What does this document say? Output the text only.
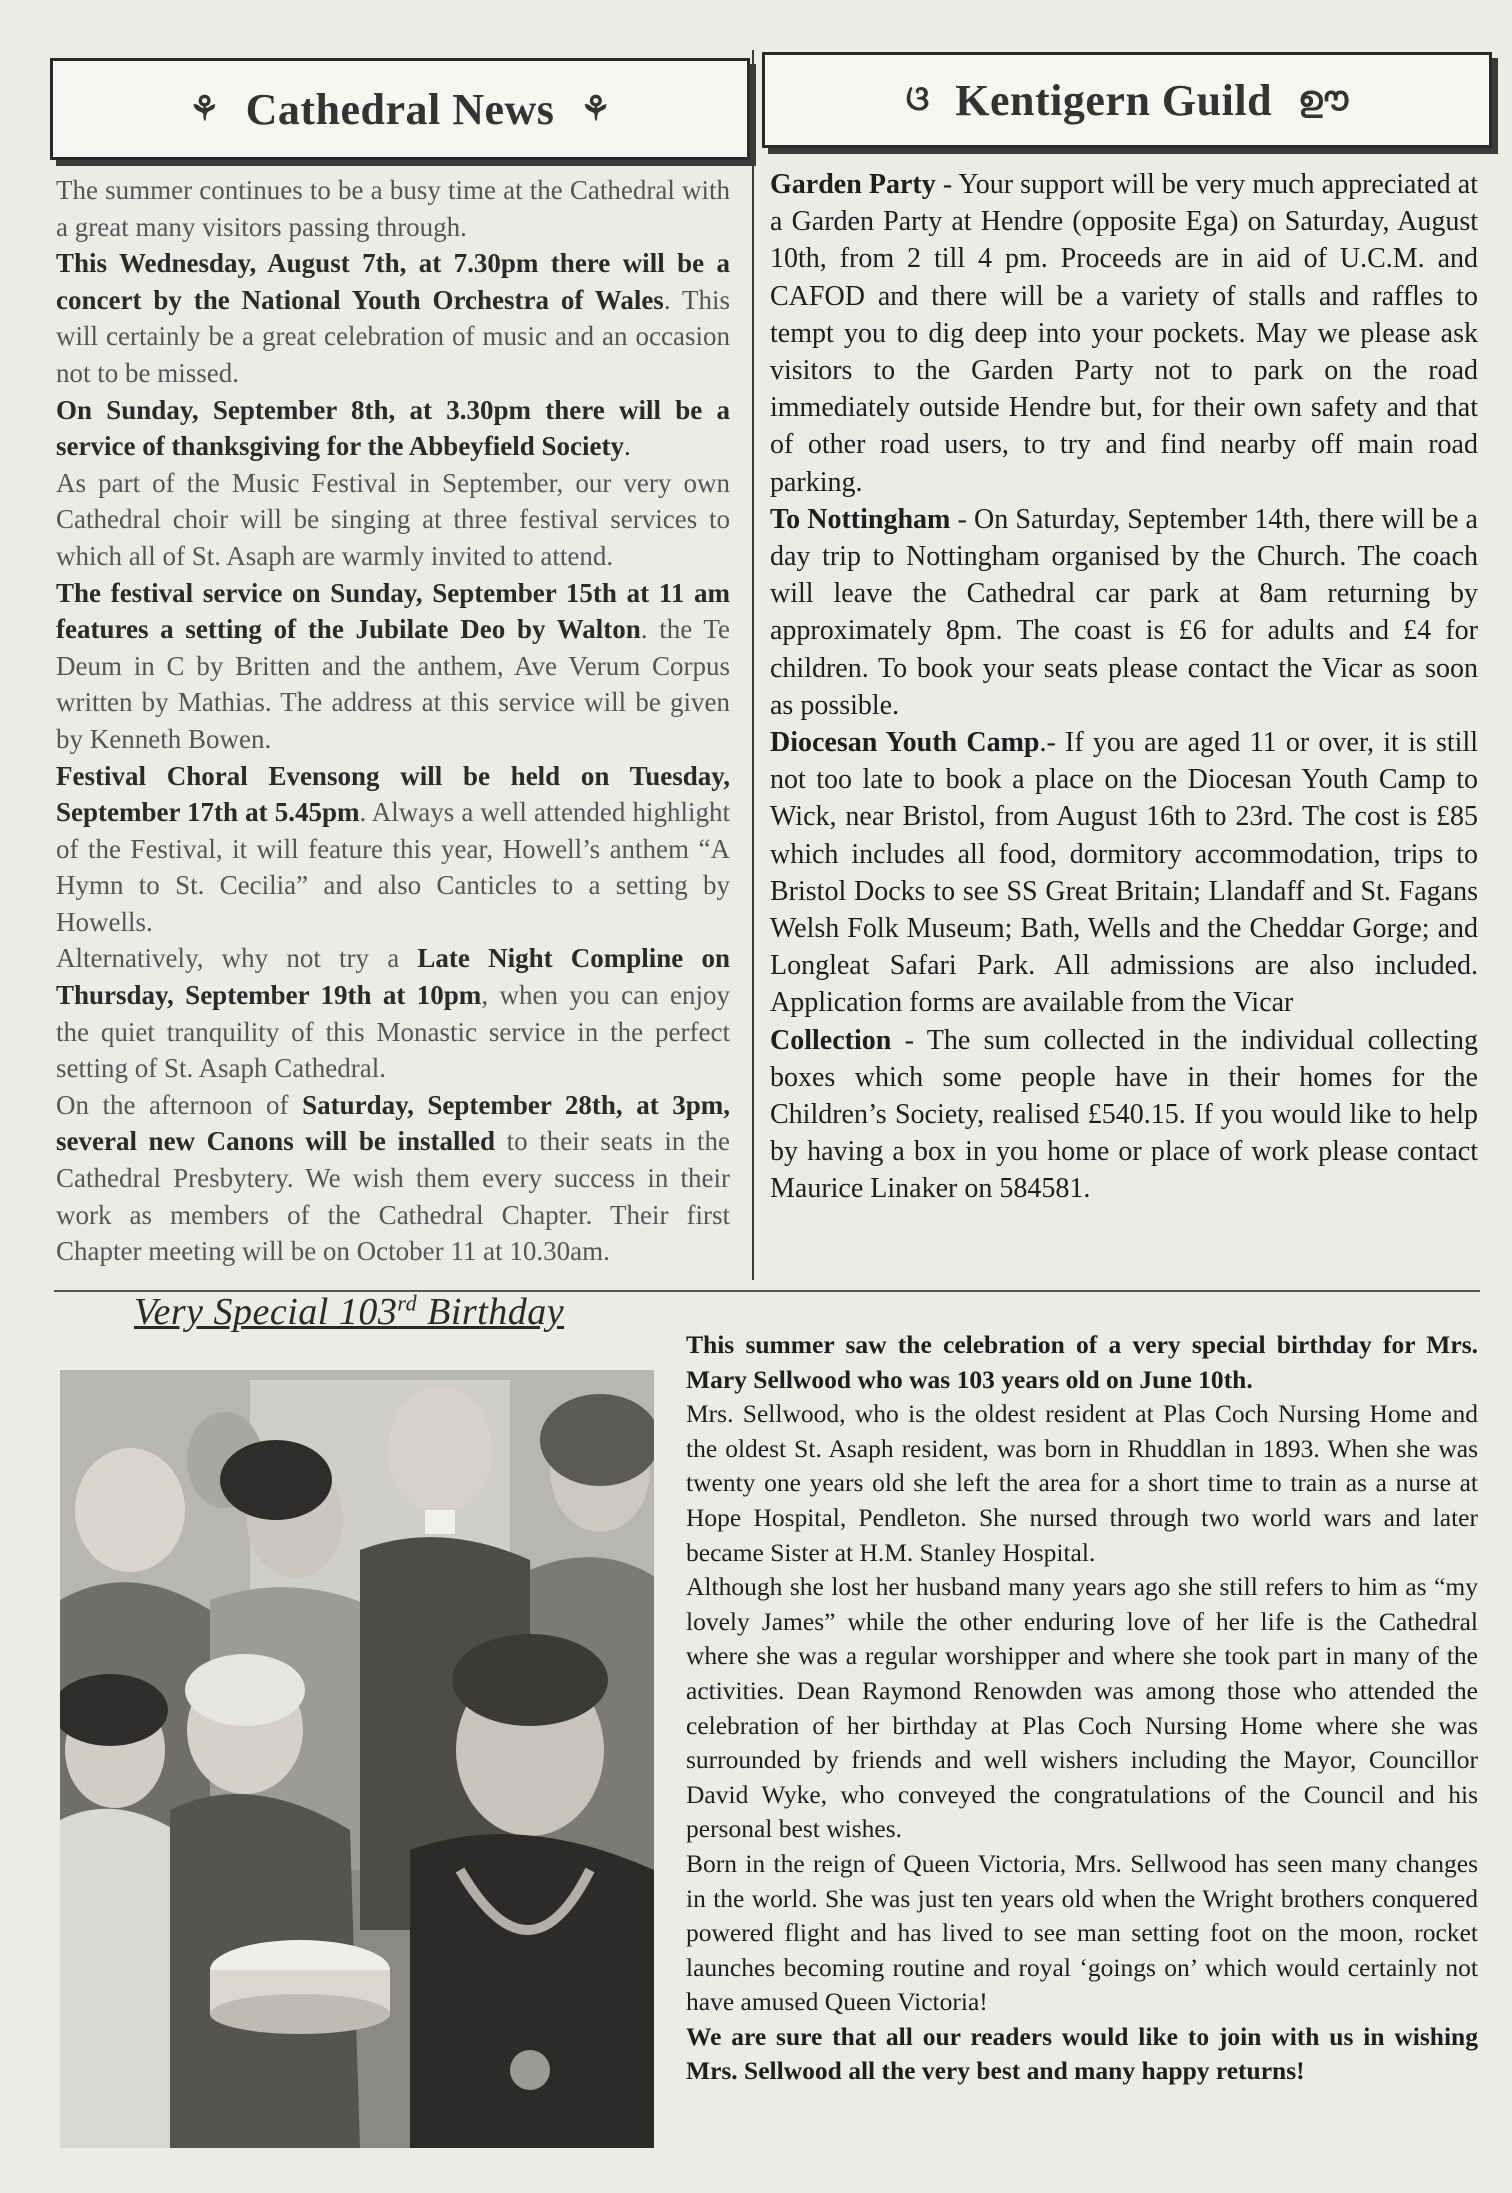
⚘ Cathedral News ⚘	ଓ Kentigern Guild ഊ

The summer continues to be a busy time at the Cathedral with a great many visitors passing through.

This Wednesday, August 7th, at 7.30pm there will be a concert by the National Youth Orchestra of Wales. This will certainly be a great celebration of music and an occasion not to be missed.

On Sunday, September 8th, at 3.30pm there will be a service of thanksgiving for the Abbeyfield Society.

As part of the Music Festival in September, our very own Cathedral choir will be singing at three festival services to which all of St. Asaph are warmly invited to attend.

The festival service on Sunday, September 15th at 11 am features a setting of the Jubilate Deo by Walton. the Te Deum in C by Britten and the anthem, Ave Verum Corpus written by Mathias. The address at this service will be given by Kenneth Bowen.

Festival Choral Evensong will be held on Tuesday, September 17th at 5.45pm. Always a well attended highlight of the Festival, it will feature this year, Howell’s anthem “A Hymn to St. Cecilia” and also Canticles to a setting by Howells.

Alternatively, why not try a Late Night Compline on Thursday, September 19th at 10pm, when you can enjoy the quiet tranquility of this Monastic service in the perfect setting of St. Asaph Cathedral.

On the afternoon of Saturday, September 28th, at 3pm, several new Canons will be installed to their seats in the Cathedral Presbytery. We wish them every success in their work as members of the Cathedral Chapter. Their first Chapter meeting will be on October 11 at 10.30am.

Garden Party - Your support will be very much appreciated at a Garden Party at Hendre (opposite Ega) on Saturday, August 10th, from 2 till 4 pm. Proceeds are in aid of U.C.M. and CAFOD and there will be a variety of stalls and raffles to tempt you to dig deep into your pockets. May we please ask visitors to the Garden Party not to park on the road immediately outside Hendre but, for their own safety and that of other road users, to try and find nearby off main road parking.

To Nottingham - On Saturday, September 14th, there will be a day trip to Nottingham organised by the Church. The coach will leave the Cathedral car park at 8am returning by approximately 8pm. The coast is £6 for adults and £4 for children. To book your seats please contact the Vicar as soon as possible.

Diocesan Youth Camp.- If you are aged 11 or over, it is still not too late to book a place on the Diocesan Youth Camp to Wick, near Bristol, from August 16th to 23rd. The cost is £85 which includes all food, dormitory accommodation, trips to Bristol Docks to see SS Great Britain; Llandaff and St. Fagans Welsh Folk Museum; Bath, Wells and the Cheddar Gorge; and Longleat Safari Park. All admissions are also included. Application forms are available from the Vicar

Collection - The sum collected in the individual collecting boxes which some people have in their homes for the Children’s Society, realised £540.15. If you would like to help by having a box in you home or place of work please contact Maurice Linaker on 584581.

Very Special 103rd Birthday

This summer saw the celebration of a very special birthday for Mrs. Mary Sellwood who was 103 years old on June 10th.

Mrs. Sellwood, who is the oldest resident at Plas Coch Nursing Home and the oldest St. Asaph resident, was born in Rhuddlan in 1893. When she was twenty one years old she left the area for a short time to train as a nurse at Hope Hospital, Pendleton. She nursed through two world wars and later became Sister at H.M. Stanley Hospital.

Although she lost her husband many years ago she still refers to him as “my lovely James” while the other enduring love of her life is the Cathedral where she was a regular worshipper and where she took part in many of the activities. Dean Raymond Renowden was among those who attended the celebration of her birthday at Plas Coch Nursing Home where she was surrounded by friends and well wishers including the Mayor, Councillor David Wyke, who conveyed the congratulations of the Council and his personal best wishes.

Born in the reign of Queen Victoria, Mrs. Sellwood has seen many changes in the world. She was just ten years old when the Wright brothers conquered powered flight and has lived to see man setting foot on the moon, rocket launches becoming routine and royal ‘goings on’ which would certainly not have amused Queen Victoria!

We are sure that all our readers would like to join with us in wishing Mrs. Sellwood all the very best and many happy returns!
